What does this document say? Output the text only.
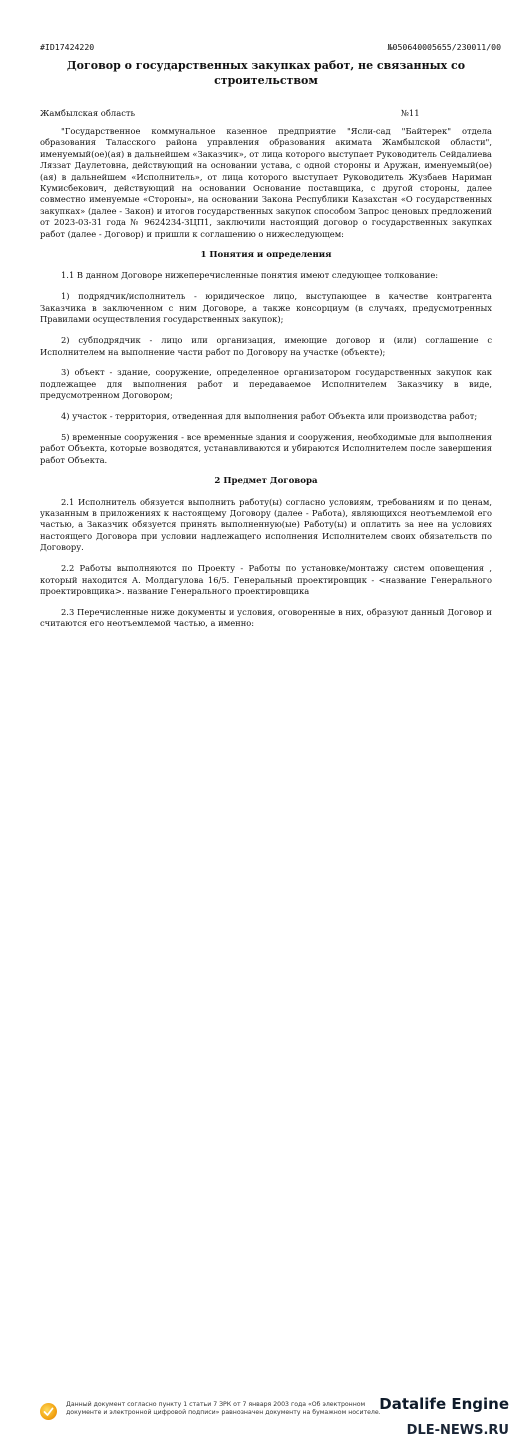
#ID17424220	№050640005655/230011/00
Договор о государственных закупках работ, не связанных со строительством
Жамбылская область	№11

"Государственное коммунальное казенное предприятие "Ясли-сад "Байтерек" отдела образования Таласского района управления образования акимата Жамбылской области", именуемый(ое)(ая) в дальнейшем «Заказчик», от лица которого выступает Руководитель Сейдалиева Ляззат Даулетовна, действующий на основании устава, с одной стороны и Аружан, именуемый(ое)(ая) в дальнейшем «Исполнитель», от лица которого выступает Руководитель Жузбаев Нариман Кумисбекович, действующий на основании Основание поставщика, с другой стороны, далее совместно именуемые «Стороны», на основании Закона Республики Казахстан «О государственных закупках» (далее - Закон) и итогов государственных закупок способом Запрос ценовых предложений от 2023-03-31 года № 9624234-ЗЦП1, заключили настоящий договор о государственных закупках работ (далее - Договор) и пришли к соглашению о нижеследующем:

1 Понятия и определения

1.1 В данном Договоре нижеперечисленные понятия имеют следующее толкование:

1) подрядчик/исполнитель - юридическое лицо, выступающее в качестве контрагента Заказчика в заключенном с ним Договоре, а также консорциум (в случаях, предусмотренных Правилами осуществления государственных закупок);

2) субподрядчик - лицо или организация, имеющие договор и (или) соглашение с Исполнителем на выполнение части работ по Договору на участке (объекте);

3) объект - здание, сооружение, определенное организатором государственных закупок как подлежащее для выполнения работ и передаваемое Исполнителем Заказчику в виде, предусмотренном Договором;

4) участок - территория, отведенная для выполнения работ Объекта или производства работ;

5) временные сооружения - все временные здания и сооружения, необходимые для выполнения работ Объекта, которые возводятся, устанавливаются и убираются Исполнителем после завершения работ Объекта.

2 Предмет Договора

2.1 Исполнитель обязуется выполнить работу(ы) согласно условиям, требованиям и по ценам, указанным в приложениях к настоящему Договору (далее - Работа), являющихся неотъемлемой его частью, а Заказчик обязуется принять выполненную(ые) Работу(ы) и оплатить за нее на условиях настоящего Договора при условии надлежащего исполнения Исполнителем своих обязательств по Договору.

2.2 Работы выполняются по Проекту - Работы по установке/монтажу систем оповещения , который находится А. Молдагулова 16/5. Генеральный проектировщик - <название Генерального проектировщика>. название Генерального проектировщика

2.3 Перечисленные ниже документы и условия, оговоренные в них, образуют данный Договор и считаются его неотъемлемой частью, а именно:

Данный документ согласно пункту 1 статьи 7 ЗРК от 7 января 2003 года «Об электронном документе и электронной цифровой подписи» равнозначен документу на бумажном носителе.
Datalife Engine
DLE-NEWS.RU
